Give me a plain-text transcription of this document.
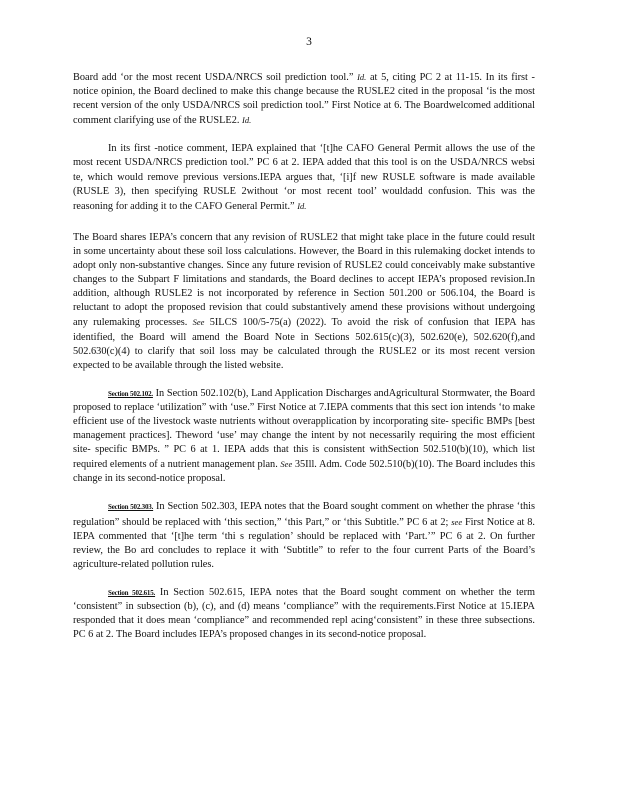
3

Board add ‘or the most recent USDA/NRCS soil prediction tool.” Id. at 5, citing PC 2 at 11-15. In its first -notice opinion, the Board declined to make this change because the RUSLE2 cited in the proposal ‘is the most recent version of the only USDA/NRCS soil prediction tool.” First Notice at 6. The Boardwelcomed additional comment clarifying use of the RUSLE2. Id.

In its first -notice comment, IEPA explained that ‘[t]he CAFO General Permit allows the use of the most recent USDA/NRCS prediction tool.” PC 6 at 2. IEPA added that this tool is on the USDA/NRCS websi te, which would remove previous versions.IEPA argues that, ‘[i]f new RUSLE software is made available (RUSLE 3), then specifying RUSLE 2without ‘or most recent tool’ wouldadd confusion. This was the reasoning for adding it to the CAFO General Permit.” Id.

The Board shares IEPA’s concern that any revision of RUSLE2 that might take place in the future could result in some uncertainty about these soil loss calculations. However, the Board in this rulemaking docket intends to adopt only non-substantive changes. Since any future revision of RUSLE2 could conceivably make substantive changes to the Subpart F limitations and standards, the Board declines to accept IEPA’s proposed revision.In addition, although RUSLE2 is not incorporated by reference in Section 501.200 or 506.104, the Board is reluctant to adopt the proposed revision that could substantively amend these provisions without undergoing any rulemaking processes. See 5ILCS 100/5-75(a) (2022). To avoid the risk of confusion that IEPA has identified, the Board will amend the Board Note in Sections 502.615(c)(3), 502.620(e), 502.620(f),and 502.630(c)(4) to clarify that soil loss may be calculated through the RUSLE2 or its most recent version expected to be available through the listed website.

Section 502.102. In Section 502.102(b), Land Application Discharges andAgricultural Stormwater, the Board proposed to replace ‘utilization” with ‘use.” First Notice at 7.IEPA comments that this sect ion intends ‘to make efficient use of the livestock waste nutrients without overapplication by incorporating site- specific BMPs [best management practices]. Theword ‘use’ may change the intent by not necessarily requiring the most efficient site- specific BMPs. ” PC 6 at 1. IEPA adds that this is consistent withSection 502.510(b)(10), which list required elements of a nutrient management plan. See 35Ill. Adm. Code 502.510(b)(10). The Board includes this change in its second-notice proposal.

Section 502.303. In Section 502.303, IEPA notes that the Board sought comment on whether the phrase ‘this regulation” should be replaced with ‘this section,” ‘this Part,” or ‘this Subtitle.” PC 6 at 2; see First Notice at 8. IEPA commented that ‘[t]he term ‘thi s regulation’ should be replaced with ‘Part.’” PC 6 at 2. On further review, the Bo ard concludes to replace it with ‘Subtitle” to refer to the four current Parts of the Board’s agriculture-related pollution rules.

Section 502.615. In Section 502.615, IEPA notes that the Board sought comment on whether the term ‘consistent” in subsection (b), (c), and (d) means ‘compliance” with the requirements.First Notice at 15.IEPA responded that it does mean ‘compliance” and recommended repl acing‘consistent” in these three subsections. PC 6 at 2. The Board includes IEPA’s proposed changes in its second-notice proposal.
